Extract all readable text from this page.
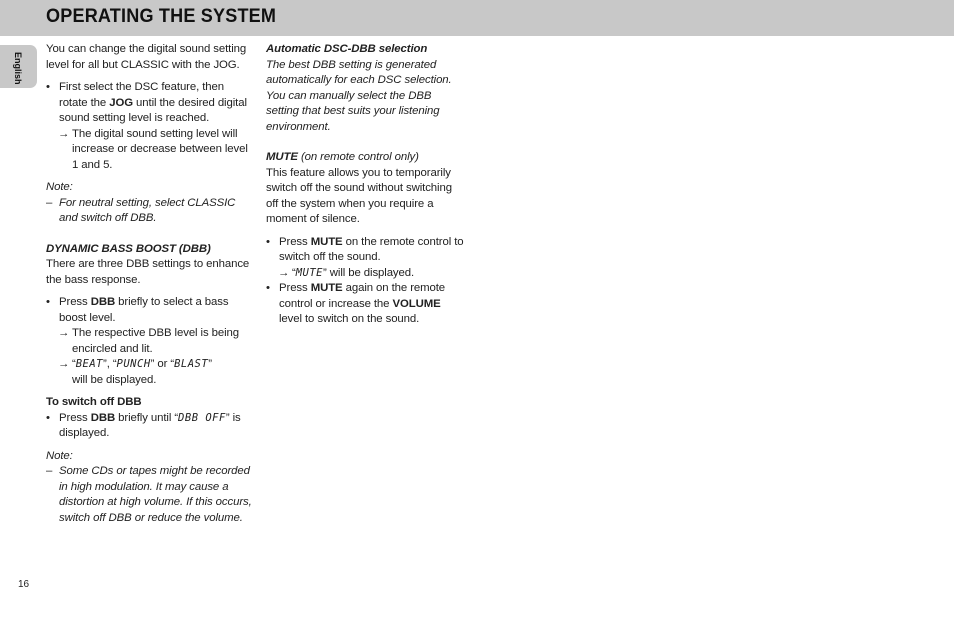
OPERATING THE SYSTEM
English

You can change the digital sound setting level for all but CLASSIC with the JOG.

• First select the DSC feature, then rotate the JOG until the desired digital sound setting level is reached.

→ The digital sound setting level will increase or decrease between level 1 and 5.

Note:

– For neutral setting, select CLASSIC and switch off DBB.

DYNAMIC BASS BOOST (DBB)

There are three DBB settings to enhance the bass response.

• Press DBB briefly to select a bass boost level.

→ The respective DBB level is being encircled and lit.

→ “BEAT”, “PUNCH” or “BLAST”
will be displayed.

To switch off DBB

• Press DBB briefly until “DBB OFF” is displayed.

Note:

– Some CDs or tapes might be recorded in high modulation. It may cause a distortion at high volume. If this occurs, switch off DBB or reduce the volume.

Automatic DSC-DBB selection

The best DBB setting is generated automatically for each DSC selection. You can manually select the DBB setting that best suits your listening environment.

MUTE (on remote control only)

This feature allows you to temporarily switch off the sound without switching off the system when you require a moment of silence.

• Press MUTE on the remote control to switch off the sound.

→ “MUTE” will be displayed.

• Press MUTE again on the remote control or increase the VOLUME level to switch on the sound.

16
